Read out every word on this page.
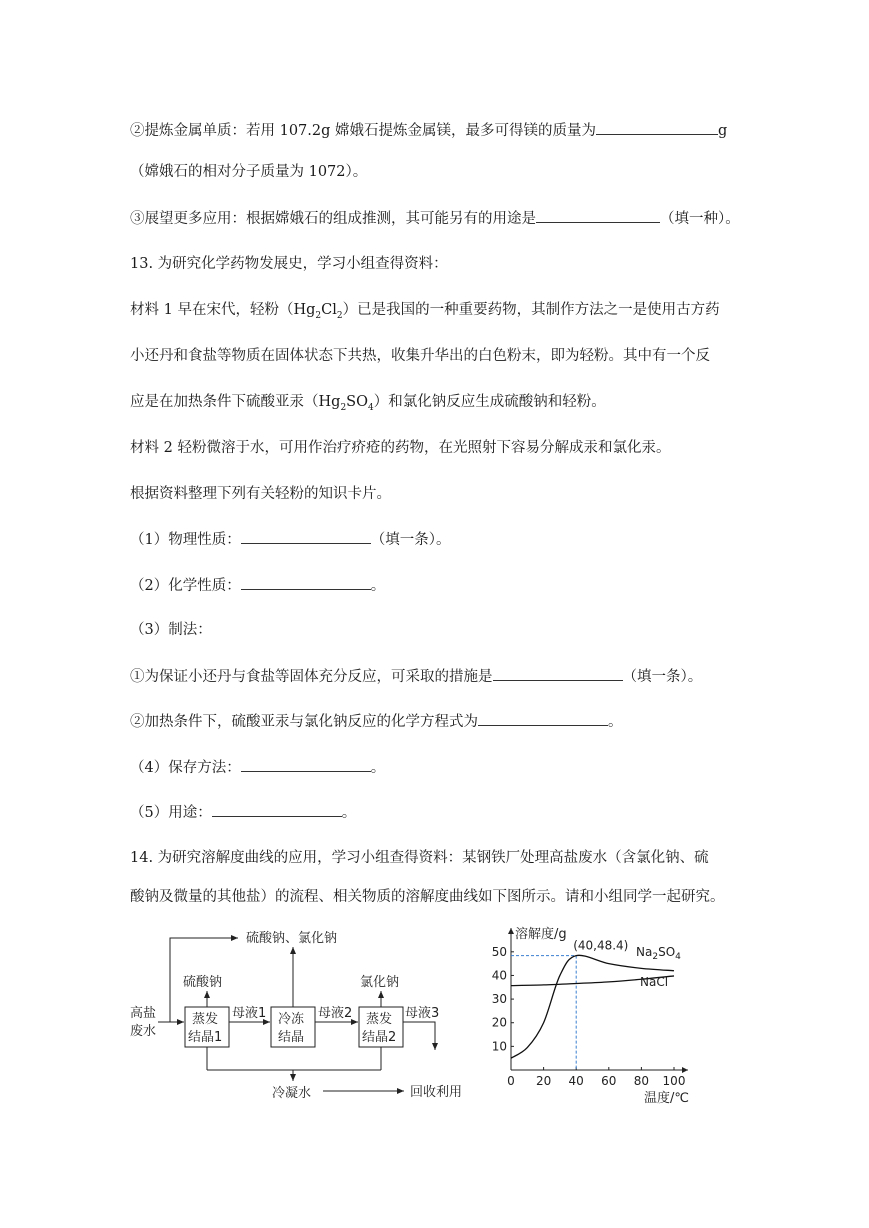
②提炼金属单质：若用 107.2g 嫦娥石提炼金属镁，最多可得镁的质量为	g
（嫦娥石的相对分子质量为 1072）。
③展望更多应用：根据嫦娥石的组成推测，其可能另有的用途是	（填一种）。
13. 为研究化学药物发展史，学习小组查得资料：
材料 1 早在宋代，轻粉$(Hg_2Cl_2)$已是我国的一种重要药物，其制作方法之一是使用古方药
小还丹和食盐等物质在固体状态下共热，收集升华出的白色粉末，即为轻粉。其中有一个反
应是在加热条件下硫酸亚汞$(Hg_2SO_4)$和氯化钠反应生成硫酸钠和轻粉。
材料 2 轻粉微溶于水，可用作治疗疥疮的药物，在光照射下容易分解成汞和氯化汞。
根据资料整理下列有关轻粉的知识卡片。
（1）物理性质：	（填一条）。
（2）化学性质：	。
（3）制法：
①为保证小还丹与食盐等固体充分反应，可采取的措施是	（填一条）。
②加热条件下，硫酸亚汞与氯化钠反应的化学方程式为	。
（4）保存方法：	。
（5）用途：	。
14. 为研究溶解度曲线的应用，学习小组查得资料：某钢铁厂处理高盐废水（含氯化钠、硫
酸钠及微量的其他盐）的流程、相关物质的溶解度曲线如下图所示。请和小组同学一起研究。
硫酸钠、氯化钠
高盐
废水
蒸发
结晶1
冷冻
结晶
蒸发
结晶2
硫酸钠	氯化钠
母液1	母液2	母液3
冷凝水	回收利用
0 20 40 60 80 100
10
20
30
40
50
溶解度/g
温度/℃
(40,48.4) $Na_2SO_4$
NaCl
